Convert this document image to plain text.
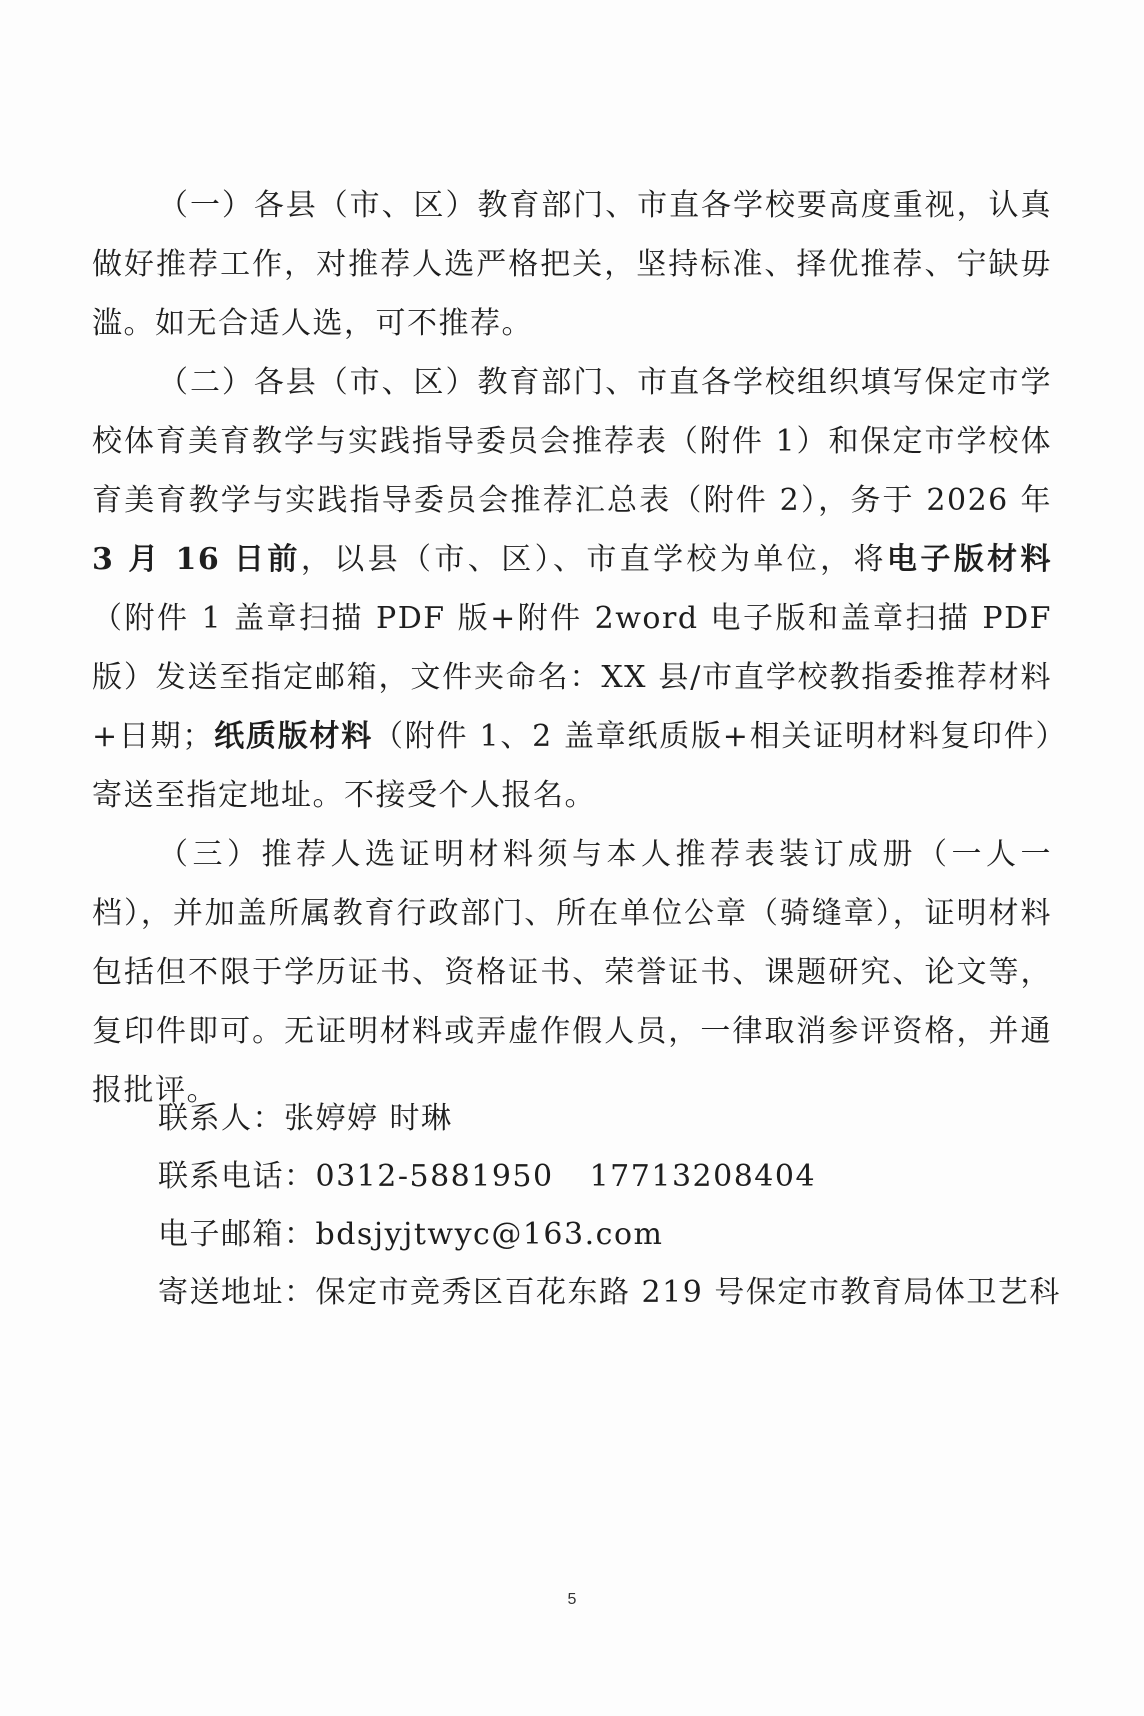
（一）各县（市、区）教育部门、市直各学校要高度重视，认真做好推荐工作，对推荐人选严格把关，坚持标准、择优推荐、宁缺毋滥。如无合适人选，可不推荐。

（二）各县（市、区）教育部门、市直各学校组织填写保定市学校体育美育教学与实践指导委员会推荐表（附件 1）和保定市学校体育美育教学与实践指导委员会推荐汇总表（附件 2），务于 2026 年3 月 16 日前，以县（市、区）、市直学校为单位，将电子版材料（附件 1 盖章扫描 PDF 版+附件 2word 电子版和盖章扫描 PDF 版）发送至指定邮箱，文件夹命名：XX 县/市直学校教指委推荐材料+日期；纸质版材料（附件 1、2 盖章纸质版+相关证明材料复印件）寄送至指定地址。不接受个人报名。

（三）推荐人选证明材料须与本人推荐表装订成册（一人一档），并加盖所属教育行政部门、所在单位公章（骑缝章），证明材料包括但不限于学历证书、资格证书、荣誉证书、课题研究、论文等，复印件即可。无证明材料或弄虚作假人员，一律取消参评资格，并通报批评。

联系人：张婷婷 时琳
联系电话：0312-5881950 17713208404
电子邮箱：bdsjyjtwyc@163.com
寄送地址：保定市竞秀区百花东路 219 号保定市教育局体卫艺科
5
